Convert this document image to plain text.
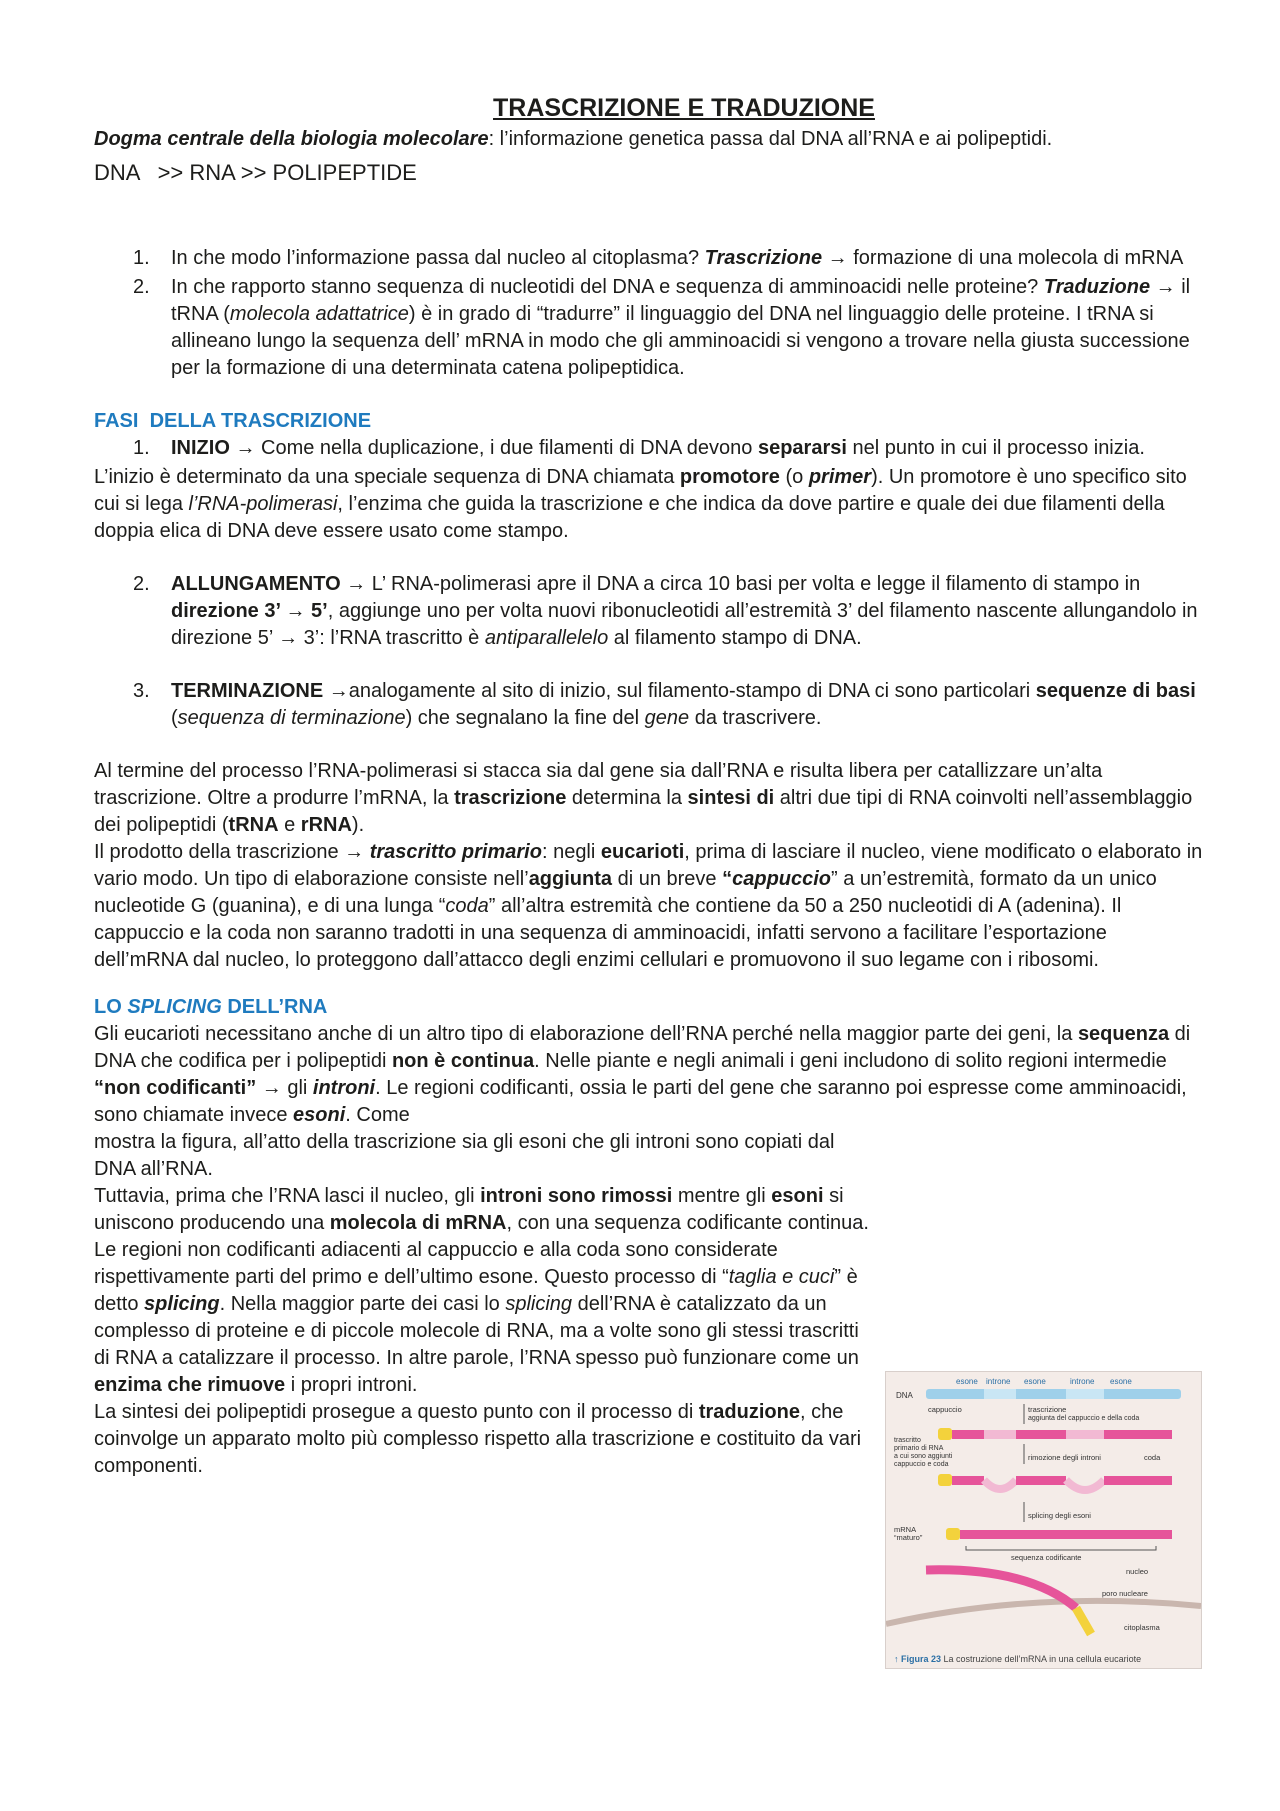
TRASCRIZIONE E TRADUZIONE

Dogma centrale della biologia molecolare: l’informazione genetica passa dal DNA all’RNA e ai polipeptidi.

DNA   >> RNA >> POLIPEPTIDE

1. In che modo l’informazione passa dal nucleo al citoplasma? Trascrizione → formazione di una molecola di mRNA
2. In che rapporto stanno sequenza di nucleotidi del DNA e sequenza di amminoacidi nelle proteine? Traduzione → il tRNA (molecola adattatrice) è in grado di “tradurre” il linguaggio del DNA nel linguaggio delle proteine. I tRNA si allineano lungo la sequenza dell’ mRNA in modo che gli amminoacidi si vengono a trovare nella giusta successione per la formazione di una determinata catena polipeptidica.

FASI  DELLA TRASCRIZIONE

1. INIZIO → Come nella duplicazione, i due filamenti di DNA devono separarsi nel punto in cui il processo inizia.

L’inizio è determinato da una speciale sequenza di DNA chiamata promotore (o primer). Un promotore è uno specifico sito cui si lega l’RNA-polimerasi, l’enzima che guida la trascrizione e che indica da dove partire e quale dei due filamenti della doppia elica di DNA deve essere usato come stampo.

2. ALLUNGAMENTO → L’ RNA-polimerasi apre il DNA a circa 10 basi per volta e legge il filamento di stampo in direzione 3’ → 5’, aggiunge uno per volta nuovi ribonucleotidi all’estremità 3’ del filamento nascente allungandolo in direzione 5’ → 3’: l’RNA trascritto è antiparallelelo al filamento stampo di DNA.
3. TERMINAZIONE →analogamente al sito di inizio, sul filamento-stampo di DNA ci sono particolari sequenze di basi (sequenza di terminazione) che segnalano la fine del gene da trascrivere.

Al termine del processo l’RNA-polimerasi si stacca sia dal gene sia dall’RNA e risulta libera per catallizzare un’alta trascrizione. Oltre a produrre l’mRNA, la trascrizione determina la sintesi di altri due tipi di RNA coinvolti nell’assemblaggio dei polipeptidi (tRNA e rRNA).

Il prodotto della trascrizione → trascritto primario: negli eucarioti, prima di lasciare il nucleo, viene modificato o elaborato in vario modo. Un tipo di elaborazione consiste nell’aggiunta di un breve “cappuccio” a un’estremità, formato da un unico nucleotide G (guanina), e di una lunga “coda” all’altra estremità che contiene da 50 a 250 nucleotidi di A (adenina). Il cappuccio e la coda non saranno tradotti in una sequenza di amminoacidi, infatti servono a facilitare l’esportazione dell’mRNA dal nucleo, lo proteggono dall’attacco degli enzimi cellulari e promuovono il suo legame con i ribosomi.

LO SPLICING DELL’RNA

Gli eucarioti necessitano anche di un altro tipo di elaborazione dell’RNA perché nella maggior parte dei geni, la sequenza di DNA che codifica per i polipeptidi non è continua. Nelle piante e negli animali i geni includono di solito regioni intermedie “non codificanti” → gli introni. Le regioni codificanti, ossia le parti del gene che saranno poi espresse come amminoacidi, sono chiamate invece esoni. Come

mostra la figura, all’atto della trascrizione sia gli esoni che gli introni sono copiati dal DNA all’RNA.

Tuttavia, prima che l’RNA lasci il nucleo, gli introni sono rimossi mentre gli esoni si uniscono producendo una molecola di mRNA, con una sequenza codificante continua. Le regioni non codificanti adiacenti al cappuccio e alla coda sono considerate rispettivamente parti del primo e dell’ultimo esone. Questo processo di “taglia e cuci” è detto splicing. Nella maggior parte dei casi lo splicing dell’RNA è catalizzato da un complesso di proteine e di piccole molecole di RNA, ma a volte sono gli stessi trascritti di RNA a catalizzare il processo. In altre parole, l’RNA spesso può funzionare come un enzima che rimuove i propri introni.

La sintesi dei polipeptidi prosegue a questo punto con il processo di traduzione, che coinvolge un apparato molto più complesso rispetto alla trascrizione e costituito da vari componenti.

esone introne esone	introne esone
DNA
cappuccio	trascrizione
aggiunta del cappuccio e della coda
trascritto
primario di RNA
a cui sono aggiunti
cappuccio e coda
rimozione degli introni	coda
splicing degli esoni
mRNA
“maturo”
sequenza codificante
nucleo
poro nucleare
citoplasma
↑ Figura 23 La costruzione dell’mRNA in una cellula eucariote
